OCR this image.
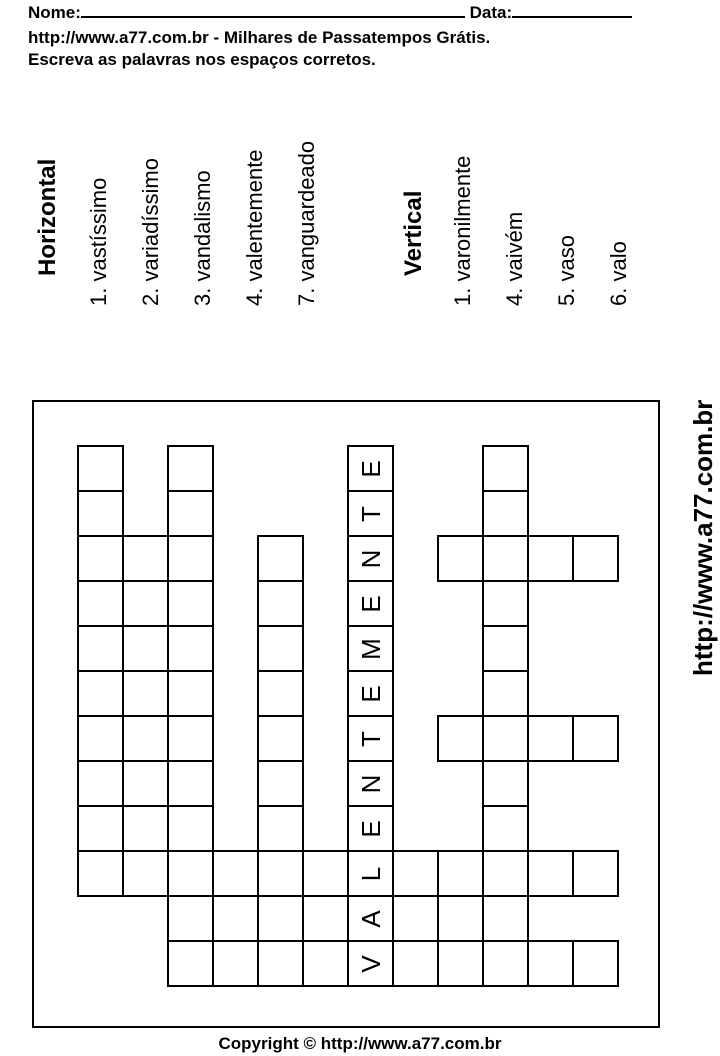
Nome:	Data:
http://www.a77.com.br - Milhares de Passatempos Grátis.
Escreva as palavras nos espaços corretos.
Horizontal 1. vastíssimo 2. variadíssimo 3. vandalismo 4. valentemente 7. vanguardeado	Vertical 1. varonilmente 4. vaivém 5. vaso 6. valo
E
T
N
E
M
E
T
N
E
L
A
V
http://www.a77.com.br
Copyright © http://www.a77.com.br
